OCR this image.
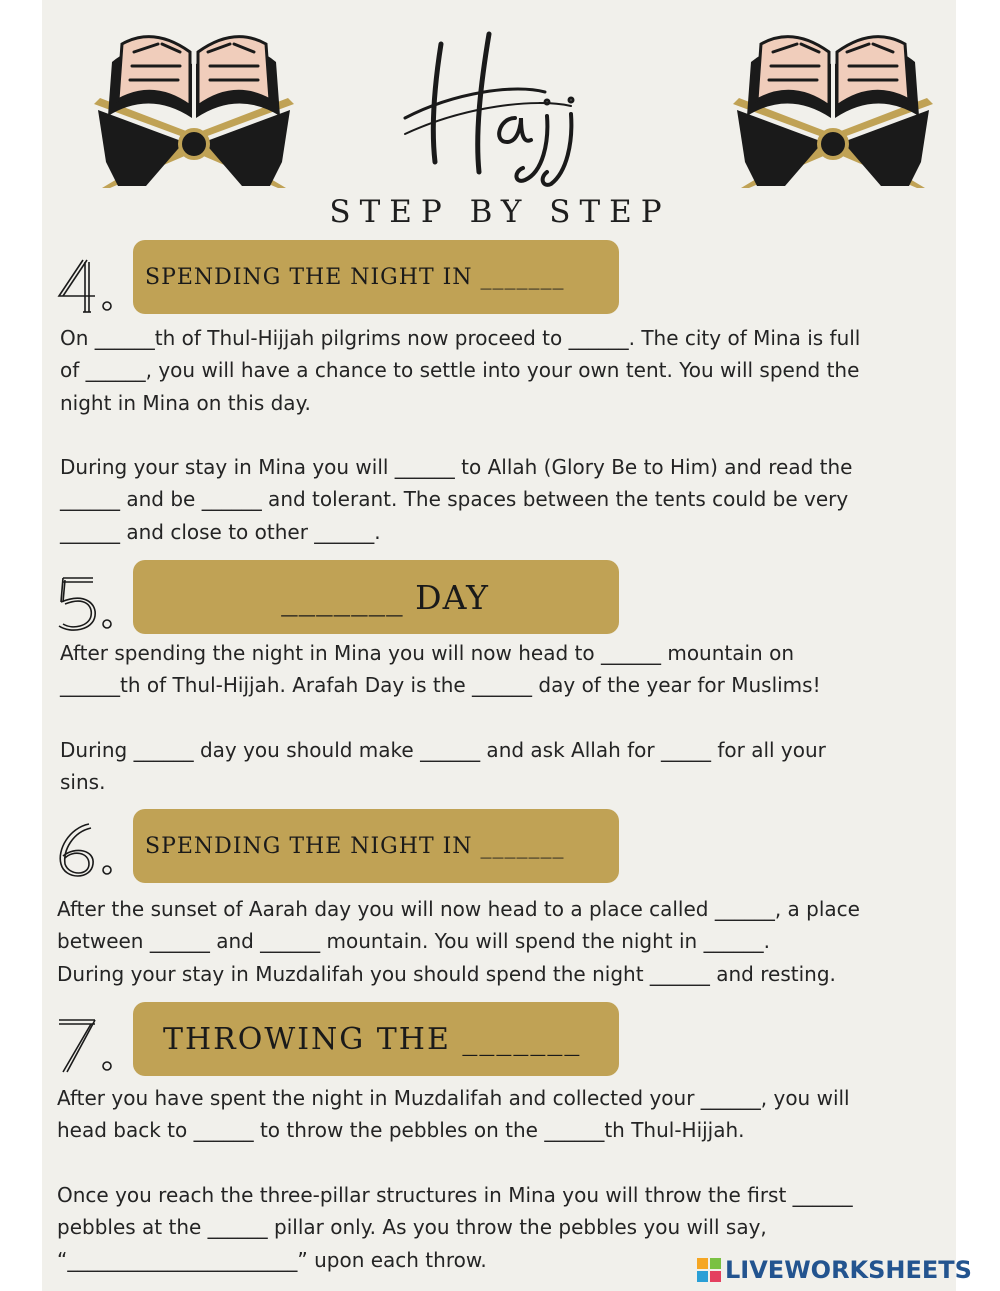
STEP BY STEP
4.
SPENDING THE NIGHT IN _______
On ______th of Thul-Hijjah pilgrims now proceed to ______. The city of Mina is full
of ______, you will have a chance to settle into your own tent. You will spend the
night in Mina on this day.
During your stay in Mina you will ______ to Allah (Glory Be to Him) and read the
______ and be ______ and tolerant. The spaces between the tents could be very
______ and close to other ______.
5.
_______ DAY
After spending the night in Mina you will now head to ______ mountain on
______th of Thul-Hijjah. Arafah Day is the ______ day of the year for Muslims!
During ______ day you should make ______ and ask Allah for _____ for all your
sins.
6.
SPENDING THE NIGHT IN _______
After the sunset of Aarah day you will now head to a place called ______, a place
between ______ and ______ mountain. You will spend the night in ______.
During your stay in Muzdalifah you should spend the night ______ and resting.
7.
THROWING THE _______
After you have spent the night in Muzdalifah and collected your ______, you will
head back to ______ to throw the pebbles on the ______th Thul-Hijjah.
Once you reach the three-pillar structures in Mina you will throw the first ______
pebbles at the ______ pillar only. As you throw the pebbles you will say,
“_______________________” upon each throw.	LIVEWORKSHEETS
